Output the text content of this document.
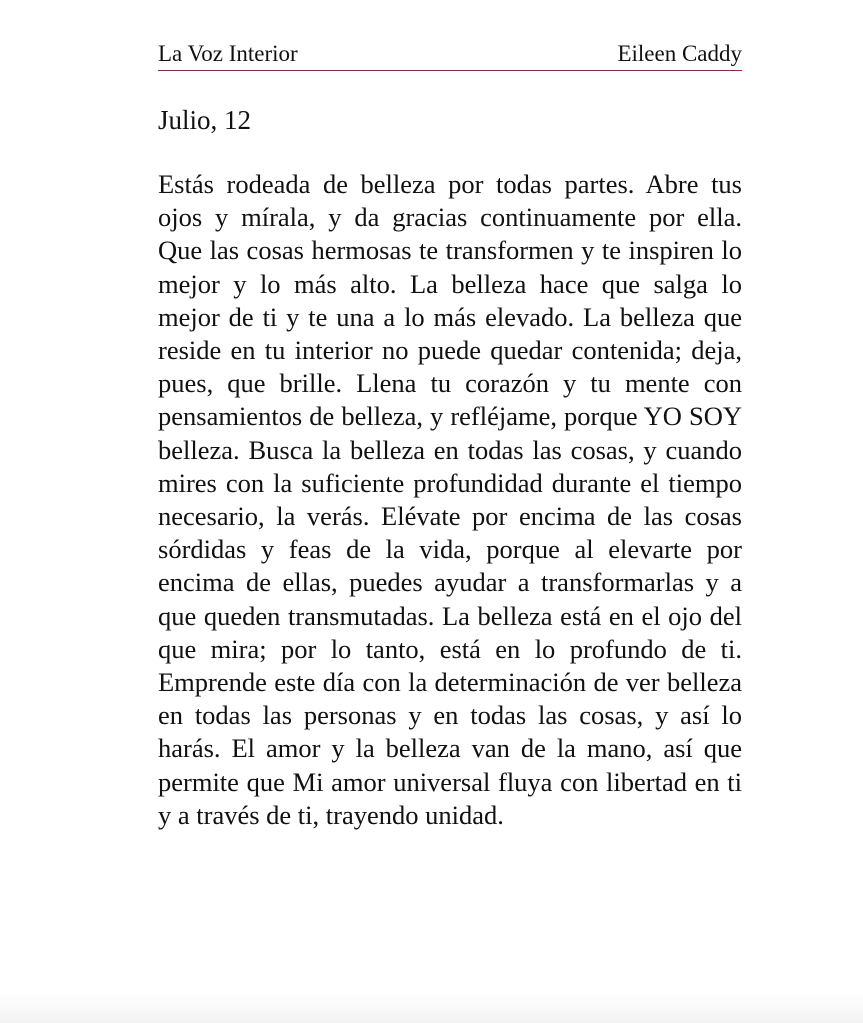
La Voz Interior	Eileen Caddy
Julio, 12

Estás rodeada de belleza por todas partes. Abre tus ojos y mírala, y da gracias continuamente por ella. Que las cosas hermosas te transformen y te inspiren lo mejor y lo más alto. La belleza hace que salga lo mejor de ti y te una a lo más elevado. La belleza que reside en tu interior no puede quedar contenida; deja, pues, que brille. Llena tu corazón y tu mente con pensamientos de belleza, y refléjame, porque YO SOY belleza. Busca la belleza en todas las cosas, y cuando mires con la suficiente profundidad durante el tiempo necesario, la verás. Elévate por encima de las cosas sórdidas y feas de la vida, porque al elevarte por encima de ellas, puedes ayudar a transformarlas y a que queden transmutadas. La belleza está en el ojo del que mira; por lo tanto, está en lo profundo de ti. Emprende este día con la determinación de ver belleza en todas las personas y en todas las cosas, y así lo harás. El amor y la belleza van de la mano, así que permite que Mi amor universal fluya con libertad en ti y a través de ti, trayendo unidad.
